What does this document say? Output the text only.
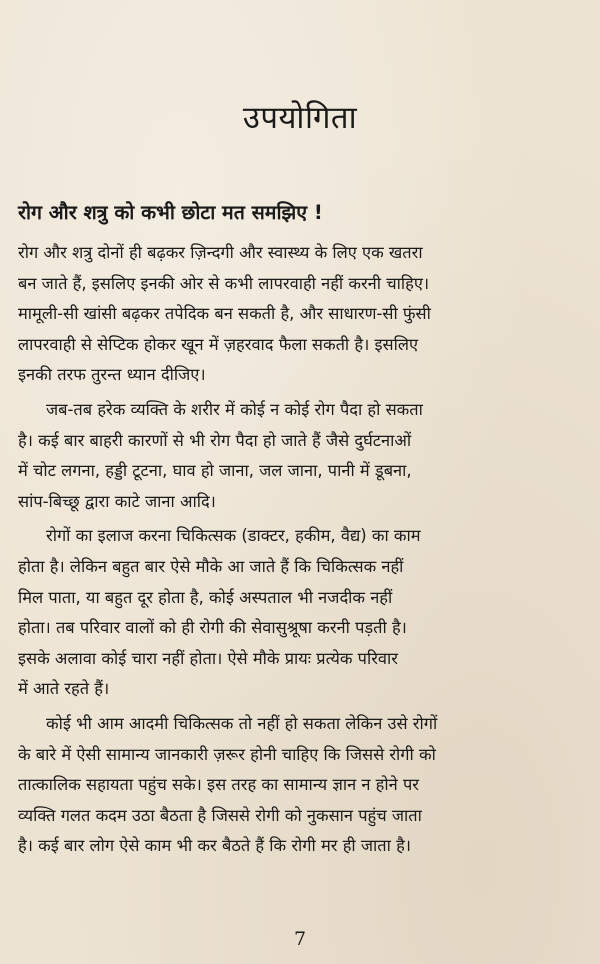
उपयोगिता
रोग और शत्रु को कभी छोटा मत समझिए !
रोग और शत्रु दोनों ही बढ़कर ज़िन्दगी और स्वास्थ्य के लिए एक खतरा
बन जाते हैं, इसलिए इनकी ओर से कभी लापरवाही नहीं करनी चाहिए।
मामूली-सी खांसी बढ़कर तपेदिक बन सकती है, और साधारण-सी फुंसी
लापरवाही से सेप्टिक होकर खून में ज़हरवाद फैला सकती है। इसलिए
इनकी तरफ तुरन्त ध्यान दीजिए।
जब-तब हरेक व्यक्ति के शरीर में कोई न कोई रोग पैदा हो सकता
है। कई बार बाहरी कारणों से भी रोग पैदा हो जाते हैं जैसे दुर्घटनाओं
में चोट लगना, हड्डी टूटना, घाव हो जाना, जल जाना, पानी में डूबना,
सांप-बिच्छू द्वारा काटे जाना आदि।
रोगों का इलाज करना चिकित्सक (डाक्टर, हकीम, वैद्य) का काम
होता है। लेकिन बहुत बार ऐसे मौके आ जाते हैं कि चिकित्सक नहीं
मिल पाता, या बहुत दूर होता है, कोई अस्पताल भी नजदीक नहीं
होता। तब परिवार वालों को ही रोगी की सेवासुश्रूषा करनी पड़ती है।
इसके अलावा कोई चारा नहीं होता। ऐसे मौके प्रायः प्रत्येक परिवार
में आते रहते हैं।
कोई भी आम आदमी चिकित्सक तो नहीं हो सकता लेकिन उसे रोगों
के बारे में ऐसी सामान्य जानकारी ज़रूर होनी चाहिए कि जिससे रोगी को
तात्कालिक सहायता पहुंच सके। इस तरह का सामान्य ज्ञान न होने पर
व्यक्ति गलत कदम उठा बैठता है जिससे रोगी को नुकसान पहुंच जाता
है। कई बार लोग ऐसे काम भी कर बैठते हैं कि रोगी मर ही जाता है।
7
